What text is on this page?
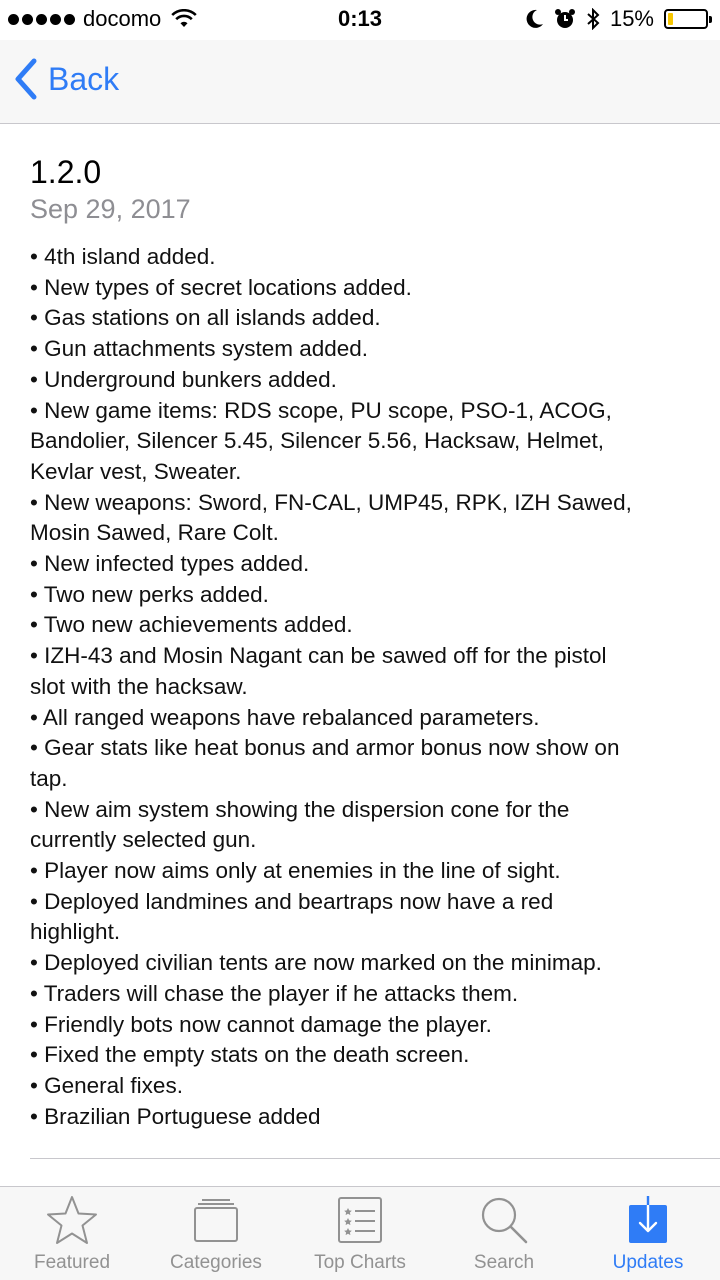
docomo	0:13	15%
Back
1.2.0
Sep 29, 2017
• 4th island added.
• New types of secret locations added.
• Gas stations on all islands added.
• Gun attachments system added.
• Underground bunkers added.
• New game items: RDS scope, PU scope, PSO-1, ACOG,
Bandolier, Silencer 5.45, Silencer 5.56, Hacksaw, Helmet,
Kevlar vest, Sweater.
• New weapons: Sword, FN-CAL, UMP45, RPK, IZH Sawed,
Mosin Sawed, Rare Colt.
• New infected types added.
• Two new perks added.
• Two new achievements added.
• IZH-43 and Mosin Nagant can be sawed off for the pistol
slot with the hacksaw.
• All ranged weapons have rebalanced parameters.
• Gear stats like heat bonus and armor bonus now show on
tap.
• New aim system showing the dispersion cone for the
currently selected gun.
• Player now aims only at enemies in the line of sight.
• Deployed landmines and beartraps now have a red
highlight.
• Deployed civilian tents are now marked on the minimap.
• Traders will chase the player if he attacks them.
• Friendly bots now cannot damage the player.
• Fixed the empty stats on the death screen.
• General fixes.
• Brazilian Portuguese added
Featured	Categories	Top Charts	Search	Updates
